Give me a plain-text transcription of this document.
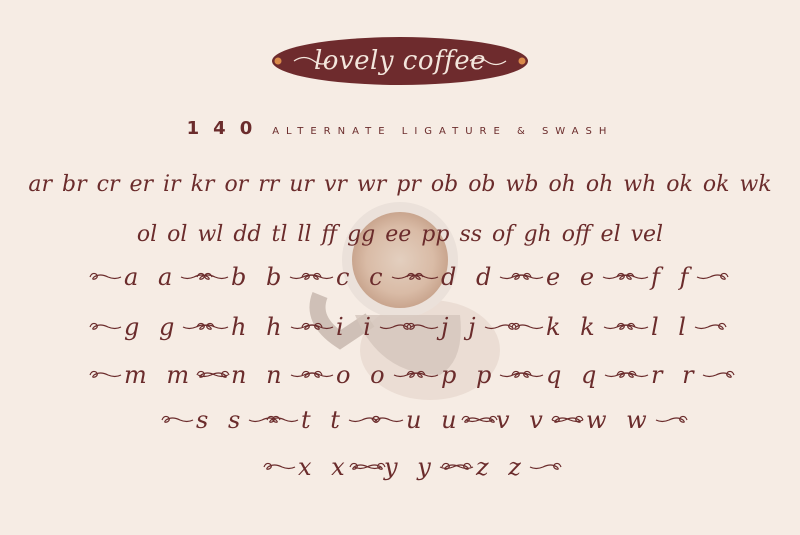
lovely coffee
140 ALTERNATE LIGATURE & SWASH
ar br cr er ir kr or rr ur vr wr pr ob ob wb oh oh wh ok ok wk
ol ol wl dd tl ll ff gg ee pp ss of gh off el vel
a a b b c c d d e e f f
g g h h i i	j j	k k l l
m m n n o o p p q q r r
s s t t	u u v v w w
x x y y z z
